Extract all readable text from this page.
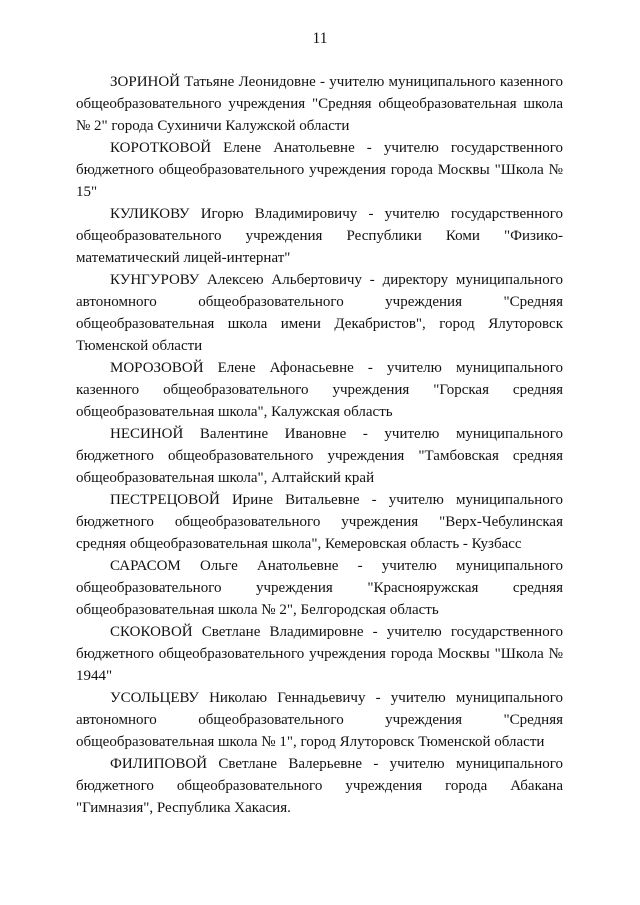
11

ЗОРИНОЙ Татьяне Леонидовне - учителю муниципального казенного общеобразовательного учреждения "Средняя общеобразовательная школа № 2" города Сухиничи Калужской области

КОРОТКОВОЙ Елене Анатольевне - учителю государственного бюджетного общеобразовательного учреждения города Москвы "Школа № 15"

КУЛИКОВУ Игорю Владимировичу - учителю государственного общеобразовательного учреждения Республики Коми "Физико-математический лицей-интернат"

КУНГУРОВУ Алексею Альбертовичу - директору муниципального автономного общеобразовательного учреждения "Средняя общеобразовательная школа имени Декабристов", город Ялуторовск Тюменской области

МОРОЗОВОЙ Елене Афонасьевне - учителю муниципального казенного общеобразовательного учреждения "Горская средняя общеобразовательная школа", Калужская область

НЕСИНОЙ Валентине Ивановне - учителю муниципального бюджетного общеобразовательного учреждения "Тамбовская средняя общеобразовательная школа", Алтайский край

ПЕСТРЕЦОВОЙ Ирине Витальевне - учителю муниципального бюджетного общеобразовательного учреждения "Верх-Чебулинская средняя общеобразовательная школа", Кемеровская область - Кузбасс

САРАСОМ Ольге Анатольевне - учителю муниципального общеобразовательного учреждения "Краснояружская средняя общеобразовательная школа № 2", Белгородская область

СКОКОВОЙ Светлане Владимировне - учителю государственного бюджетного общеобразовательного учреждения города Москвы "Школа № 1944"

УСОЛЬЦЕВУ Николаю Геннадьевичу - учителю муниципального автономного общеобразовательного учреждения "Средняя общеобразовательная школа № 1", город Ялуторовск Тюменской области

ФИЛИПОВОЙ Светлане Валерьевне - учителю муниципального бюджетного общеобразовательного учреждения города Абакана "Гимназия", Республика Хакасия.
